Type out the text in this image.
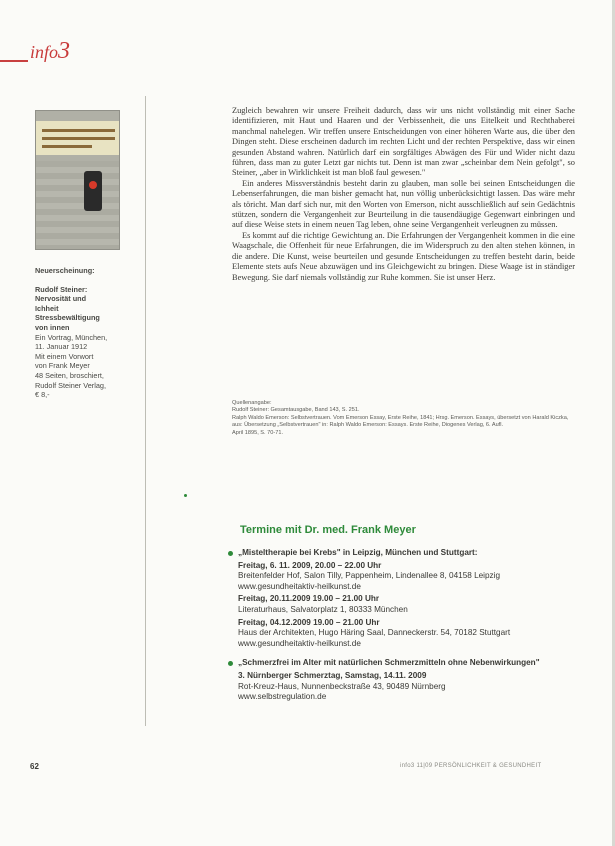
info3
Neuerscheinung:
Rudolf Steiner:
Nervosität und
Ichheit
Stressbewältigung
von innen
Ein Vortrag, München,
11. Januar 1912
Mit einem Vorwort
von Frank Meyer
48 Seiten, broschiert,
Rudolf Steiner Verlag,
€ 8,-

Zugleich bewahren wir unsere Freiheit dadurch, dass wir uns nicht vollständig mit einer Sache identifizieren, mit Haut und Haaren und der Verbissenheit, die uns Eitelkeit und Rechthaberei manchmal nahelegen. Wir treffen unsere Entscheidungen von einer höheren Warte aus, die über den Dingen steht. Diese erscheinen dadurch im rechten Licht und der rechten Perspektive, dass wir einen gesunden Abstand wahren. Natürlich darf ein sorgfältiges Abwägen des Für und Wider nicht dazu führen, dass man zu guter Letzt gar nichts tut. Denn ist man zwar „scheinbar dem Nein gefolgt", so Steiner, „aber in Wirklichkeit ist man bloß faul gewesen."

Ein anderes Missverständnis besteht darin zu glauben, man solle bei seinen Entscheidungen die Lebenserfahrungen, die man bisher gemacht hat, nun völlig unberücksichtigt lassen. Das wäre mehr als töricht. Man darf sich nur, mit den Worten von Emerson, nicht ausschließlich auf sein Gedächtnis stützen, sondern die Vergangenheit zur Beurteilung in die tausendäugige Gegenwart einbringen und auf diese Weise stets in einem neuen Tag leben, ohne seine Vergangenheit verleugnen zu müssen.

Es kommt auf die richtige Gewichtung an. Die Erfahrungen der Vergangenheit kommen in die eine Waagschale, die Offenheit für neue Erfahrungen, die im Widerspruch zu den alten stehen können, in die andere. Die Kunst, weise beurteilen und gesunde Entscheidungen zu treffen besteht darin, beide Elemente stets aufs Neue abzuwägen und ins Gleichgewicht zu bringen. Diese Waage ist in ständiger Bewegung. Sie darf niemals vollständig zur Ruhe kommen. Sie ist unser Herz.

Quellenangabe:
Rudolf Steiner: Gesamtausgabe, Band 143, S. 251.
Ralph Waldo Emerson: Selbstvertrauen. Vom Emerson Essay, Erste Reihe, 1841; Hrsg. Emerson. Essays, übersetzt von Harald Kiczka,
aus: Übersetzung „Selbstvertrauen" in: Ralph Waldo Emerson: Essays. Erste Reihe, Diogenes Verlag, 6. Aufl.
April 1895, S. 70-71.
Termine mit Dr. med. Frank Meyer
„Misteltherapie bei Krebs" in Leipzig, München und Stuttgart:
Freitag, 6. 11. 2009, 20.00 – 22.00 Uhr
Breitenfelder Hof, Salon Tilly, Pappenheim, Lindenallee 8, 04158 Leipzig
www.gesundheitaktiv-heilkunst.de
Freitag, 20.11.2009 19.00 – 21.00 Uhr
Literaturhaus, Salvatorplatz 1, 80333 München
Freitag, 04.12.2009 19.00 – 21.00 Uhr
Haus der Architekten, Hugo Häring Saal, Danneckerstr. 54, 70182 Stuttgart
www.gesundheitaktiv-heilkunst.de
„Schmerzfrei im Alter mit natürlichen Schmerzmitteln ohne Nebenwirkungen"
3. Nürnberger Schmerztag, Samstag, 14.11. 2009
Rot-Kreuz-Haus, Nunnenbeckstraße 43, 90489 Nürnberg
www.selbstregulation.de
62	info3 11|09 PERSÖNLICHKEIT & GESUNDHEIT
